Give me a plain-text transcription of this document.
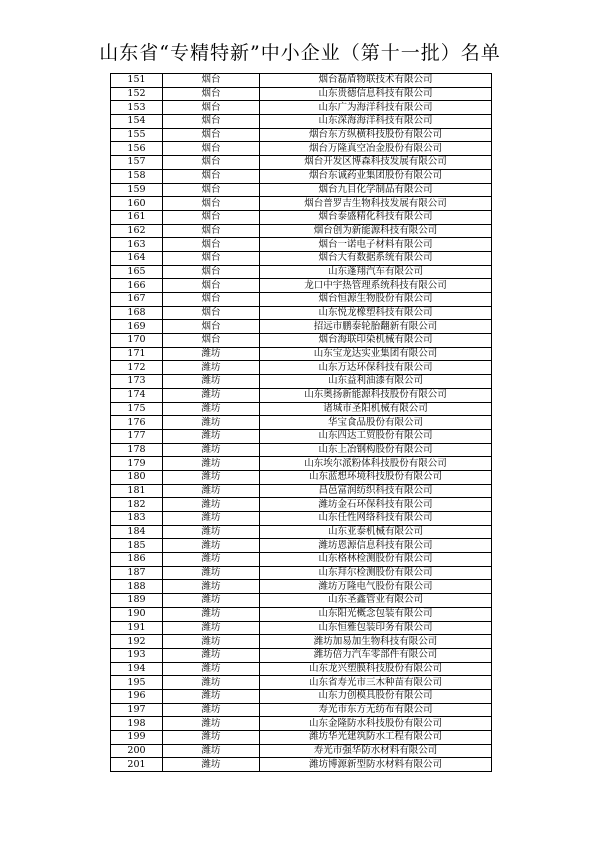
山东省“专精特新”中小企业（第十一批）名单
151	烟台	烟台磊盾物联技术有限公司
152	烟台	山东贵德信息科技有限公司
153	烟台	山东广为海洋科技有限公司
154	烟台	山东深海海洋科技有限公司
155	烟台	烟台东方纵横科技股份有限公司
156	烟台	烟台万隆真空冶金股份有限公司
157	烟台	烟台开发区博森科技发展有限公司
158	烟台	烟台东诚药业集团股份有限公司
159	烟台	烟台九目化学制品有限公司
160	烟台	烟台普罗吉生物科技发展有限公司
161	烟台	烟台泰盛精化科技有限公司
162	烟台	烟台创为新能源科技有限公司
163	烟台	烟台一诺电子材料有限公司
164	烟台	烟台大有数据系统有限公司
165	烟台	山东蓬翔汽车有限公司
166	烟台	龙口中宇热管理系统科技有限公司
167	烟台	烟台恒源生物股份有限公司
168	烟台	山东悦龙橡塑科技有限公司
169	烟台	招远市鹏泰轮胎翻新有限公司
170	烟台	烟台海联印染机械有限公司
171	潍坊	山东宝龙达实业集团有限公司
172	潍坊	山东万达环保科技有限公司
173	潍坊	山东益利油漆有限公司
174	潍坊	山东奥扬新能源科技股份有限公司
175	潍坊	诸城市圣阳机械有限公司
176	潍坊	华宝食品股份有限公司
177	潍坊	山东四达工贸股份有限公司
178	潍坊	山东上冶钢构股份有限公司
179	潍坊	山东埃尔派粉体科技股份有限公司
180	潍坊	山东蓝想环境科技股份有限公司
181	潍坊	昌邑富润纺织科技有限公司
182	潍坊	潍坊金石环保科技有限公司
183	潍坊	山东任性网络科技有限公司
184	潍坊	山东亚泰机械有限公司
185	潍坊	潍坊恩源信息科技有限公司
186	潍坊	山东格林检测股份有限公司
187	潍坊	山东拜尔检测股份有限公司
188	潍坊	潍坊万隆电气股份有限公司
189	潍坊	山东圣鑫管业有限公司
190	潍坊	山东阳光概念包装有限公司
191	潍坊	山东恒雅包装印务有限公司
192	潍坊	潍坊加易加生物科技有限公司
193	潍坊	潍坊倍力汽车零部件有限公司
194	潍坊	山东龙兴塑膜科技股份有限公司
195	潍坊	山东省寿光市三木种苗有限公司
196	潍坊	山东力创模具股份有限公司
197	潍坊	寿光市东方无纺布有限公司
198	潍坊	山东金隆防水科技股份有限公司
199	潍坊	潍坊华光建筑防水工程有限公司
200	潍坊	寿光市强华防水材料有限公司
201	潍坊	潍坊博源新型防水材料有限公司
